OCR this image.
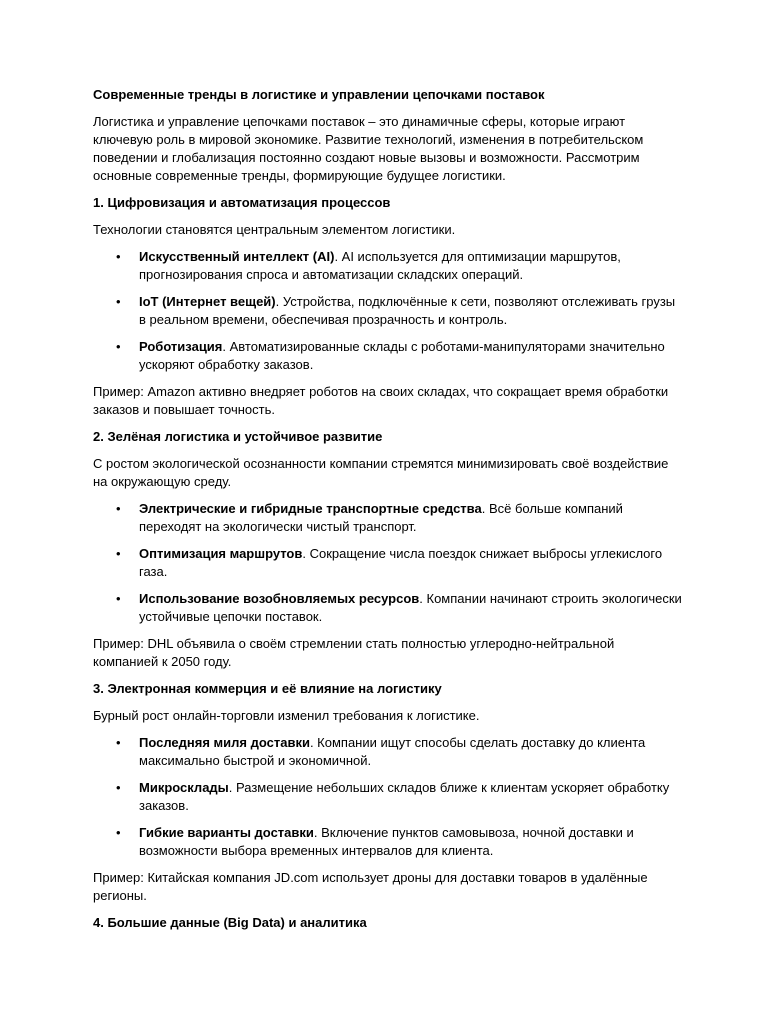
Современные тренды в логистике и управлении цепочками поставок

Логистика и управление цепочками поставок – это динамичные сферы, которые играют ключевую роль в мировой экономике. Развитие технологий, изменения в потребительском поведении и глобализация постоянно создают новые вызовы и возможности. Рассмотрим основные современные тренды, формирующие будущее логистики.

1. Цифровизация и автоматизация процессов

Технологии становятся центральным элементом логистики.

• Искусственный интеллект (AI). AI используется для оптимизации маршрутов, прогнозирования спроса и автоматизации складских операций.
• IoT (Интернет вещей). Устройства, подключённые к сети, позволяют отслеживать грузы в реальном времени, обеспечивая прозрачность и контроль.
• Роботизация. Автоматизированные склады с роботами-манипуляторами значительно ускоряют обработку заказов.

Пример: Amazon активно внедряет роботов на своих складах, что сокращает время обработки заказов и повышает точность.

2. Зелёная логистика и устойчивое развитие

С ростом экологической осознанности компании стремятся минимизировать своё воздействие на окружающую среду.

• Электрические и гибридные транспортные средства. Всё больше компаний переходят на экологически чистый транспорт.
• Оптимизация маршрутов. Сокращение числа поездок снижает выбросы углекислого газа.
• Использование возобновляемых ресурсов. Компании начинают строить экологически устойчивые цепочки поставок.

Пример: DHL объявила о своём стремлении стать полностью углеродно-нейтральной компанией к 2050 году.

3. Электронная коммерция и её влияние на логистику

Бурный рост онлайн-торговли изменил требования к логистике.

• Последняя миля доставки. Компании ищут способы сделать доставку до клиента максимально быстрой и экономичной.
• Микросклады. Размещение небольших складов ближе к клиентам ускоряет обработку заказов.
• Гибкие варианты доставки. Включение пунктов самовывоза, ночной доставки и возможности выбора временных интервалов для клиента.

Пример: Китайская компания JD.com использует дроны для доставки товаров в удалённые регионы.

4. Большие данные (Big Data) и аналитика
